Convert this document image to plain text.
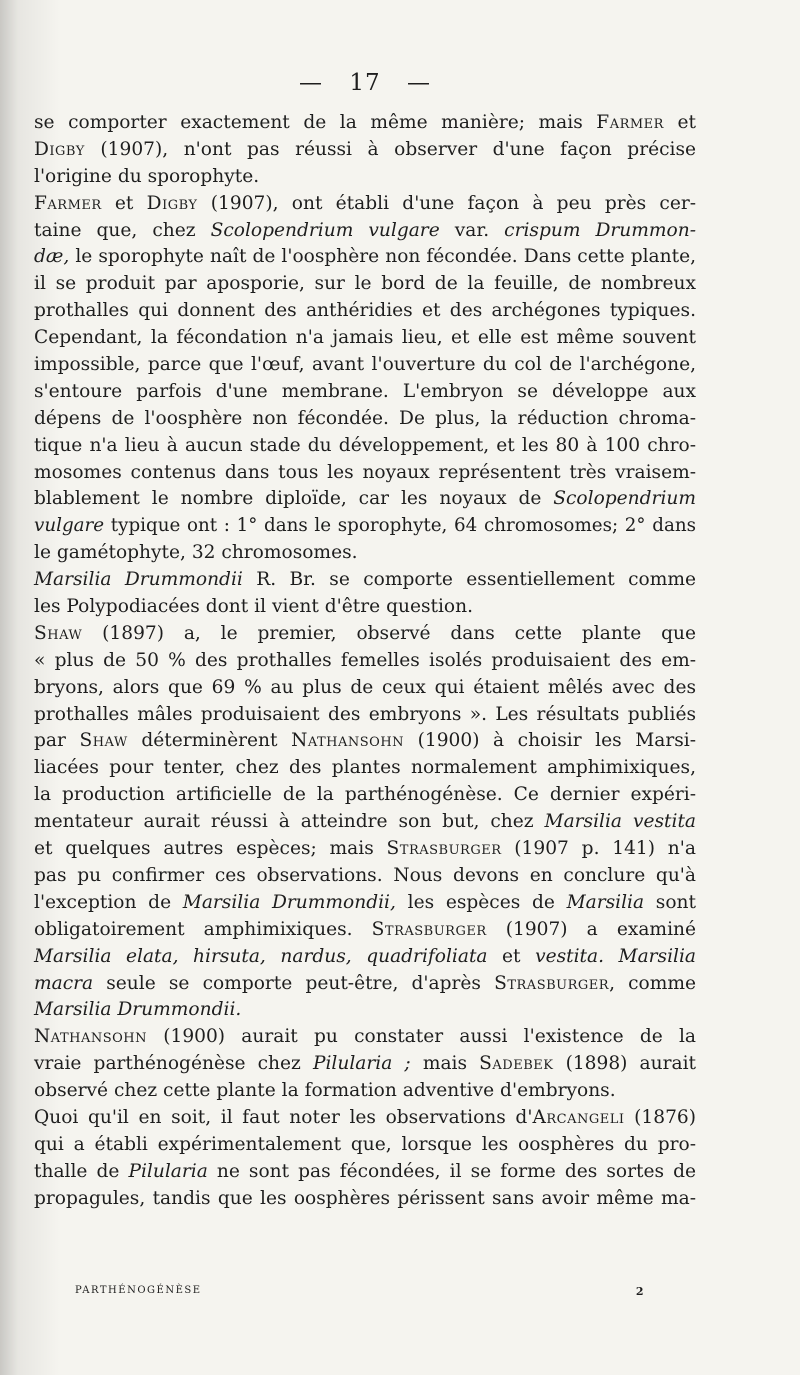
— 17 —
se comporter exactement de la même manière; mais Farmer et
Digby (1907), n'ont pas réussi à observer d'une façon précise
l'origine du sporophyte.
Farmer et Digby (1907), ont établi d'une façon à peu près cer-
taine que, chez Scolopendrium vulgare var. crispum Drummon-
dæ, le sporophyte naît de l'oosphère non fécondée. Dans cette plante,
il se produit par aposporie, sur le bord de la feuille, de nombreux
prothalles qui donnent des anthéridies et des archégones typiques.
Cependant, la fécondation n'a jamais lieu, et elle est même souvent
impossible, parce que l'œuf, avant l'ouverture du col de l'archégone,
s'entoure parfois d'une membrane. L'embryon se développe aux
dépens de l'oosphère non fécondée. De plus, la réduction chroma-
tique n'a lieu à aucun stade du développement, et les 80 à 100 chro-
mosomes contenus dans tous les noyaux représentent très vraisem-
blablement le nombre diploïde, car les noyaux de Scolopendrium
vulgare typique ont : 1° dans le sporophyte, 64 chromosomes; 2° dans
le gamétophyte, 32 chromosomes.
Marsilia Drummondii R. Br. se comporte essentiellement comme
les Polypodiacées dont il vient d'être question.
Shaw (1897) a, le premier, observé dans cette plante que
« plus de 50 % des prothalles femelles isolés produisaient des em-
bryons, alors que 69 % au plus de ceux qui étaient mêlés avec des
prothalles mâles produisaient des embryons ». Les résultats publiés
par Shaw déterminèrent Nathansohn (1900) à choisir les Marsi-
liacées pour tenter, chez des plantes normalement amphimixiques,
la production artificielle de la parthénogénèse. Ce dernier expéri-
mentateur aurait réussi à atteindre son but, chez Marsilia vestita
et quelques autres espèces; mais Strasburger (1907 p. 141) n'a
pas pu confirmer ces observations. Nous devons en conclure qu'à
l'exception de Marsilia Drummondii, les espèces de Marsilia sont
obligatoirement amphimixiques. Strasburger (1907) a examiné
Marsilia elata, hirsuta, nardus, quadrifoliata et vestita. Marsilia
macra seule se comporte peut-être, d'après Strasburger, comme
Marsilia Drummondii.
Nathansohn (1900) aurait pu constater aussi l'existence de la
vraie parthénogénèse chez Pilularia ; mais Sadebek (1898) aurait
observé chez cette plante la formation adventive d'embryons.
Quoi qu'il en soit, il faut noter les observations d'Arcangeli (1876)
qui a établi expérimentalement que, lorsque les oosphères du pro-
thalle de Pilularia ne sont pas fécondées, il se forme des sortes de
propagules, tandis que les oosphères périssent sans avoir même ma-
PARTHÉNOGÉNÈSE	2
